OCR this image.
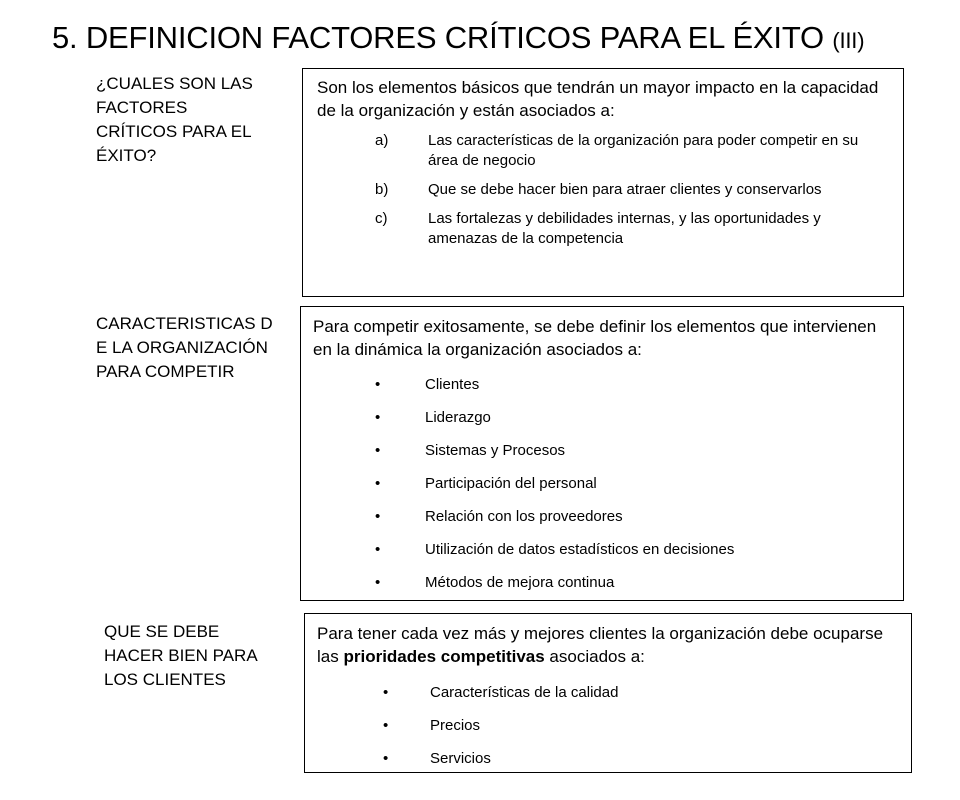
5. DEFINICION FACTORES CRÍTICOS PARA EL ÉXITO (III)
¿CUALES SON LAS FACTORES CRÍTICOS PARA EL ÉXITO?
Son los elementos básicos que tendrán un mayor impacto en la capacidad de la organización y están asociados a:
a)	Las características de la organización para poder competir en su área de negocio
b)	Que se debe hacer bien para atraer clientes y conservarlos
c)	Las fortalezas y debilidades internas, y las oportunidades y amenazas de la competencia
CARACTERISTICAS DE LA ORGANIZACIÓN PARA COMPETIR
Para competir exitosamente, se debe definir los elementos que intervienen en la dinámica la organización asociados a:
•	Clientes
•	Liderazgo
•	Sistemas y Procesos
•	Participación del personal
•	Relación con los proveedores
•	Utilización de datos estadísticos en decisiones
•	Métodos de mejora continua
QUE SE DEBE HACER BIEN PARA LOS CLIENTES
Para tener cada vez más y mejores clientes la organización debe ocuparse las prioridades competitivas asociados a:
•	Características de la calidad
•	Precios
•	Servicios
